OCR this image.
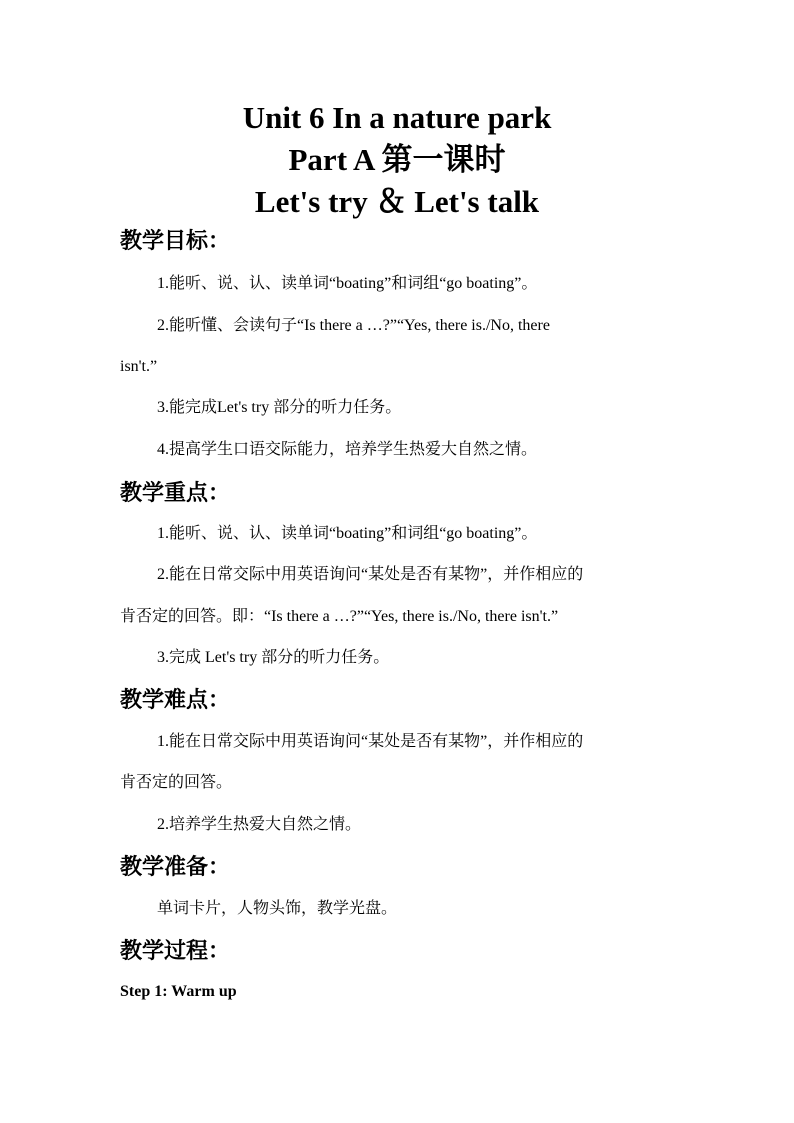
Unit 6 In a nature park
Part A 第一课时
Let's try ＆ Let's talk
教学目标：
1.能听、说、认、读单词“boating”和词组“go boating”。
2.能听懂、会读句子“Is there a …?”“Yes, there is./No, there
isn't.”
3.能完成Let's try 部分的听力任务。
4.提高学生口语交际能力，培养学生热爱大自然之情。
教学重点：
1.能听、说、认、读单词“boating”和词组“go boating”。
2.能在日常交际中用英语询问“某处是否有某物”，并作相应的
肯否定的回答。即：“Is there a …?”“Yes, there is./No, there isn't.”
3.完成 Let's try 部分的听力任务。
教学难点：
1.能在日常交际中用英语询问“某处是否有某物”，并作相应的
肯否定的回答。
2.培养学生热爱大自然之情。
教学准备：
单词卡片，人物头饰，教学光盘。
教学过程：
Step 1: Warm up
